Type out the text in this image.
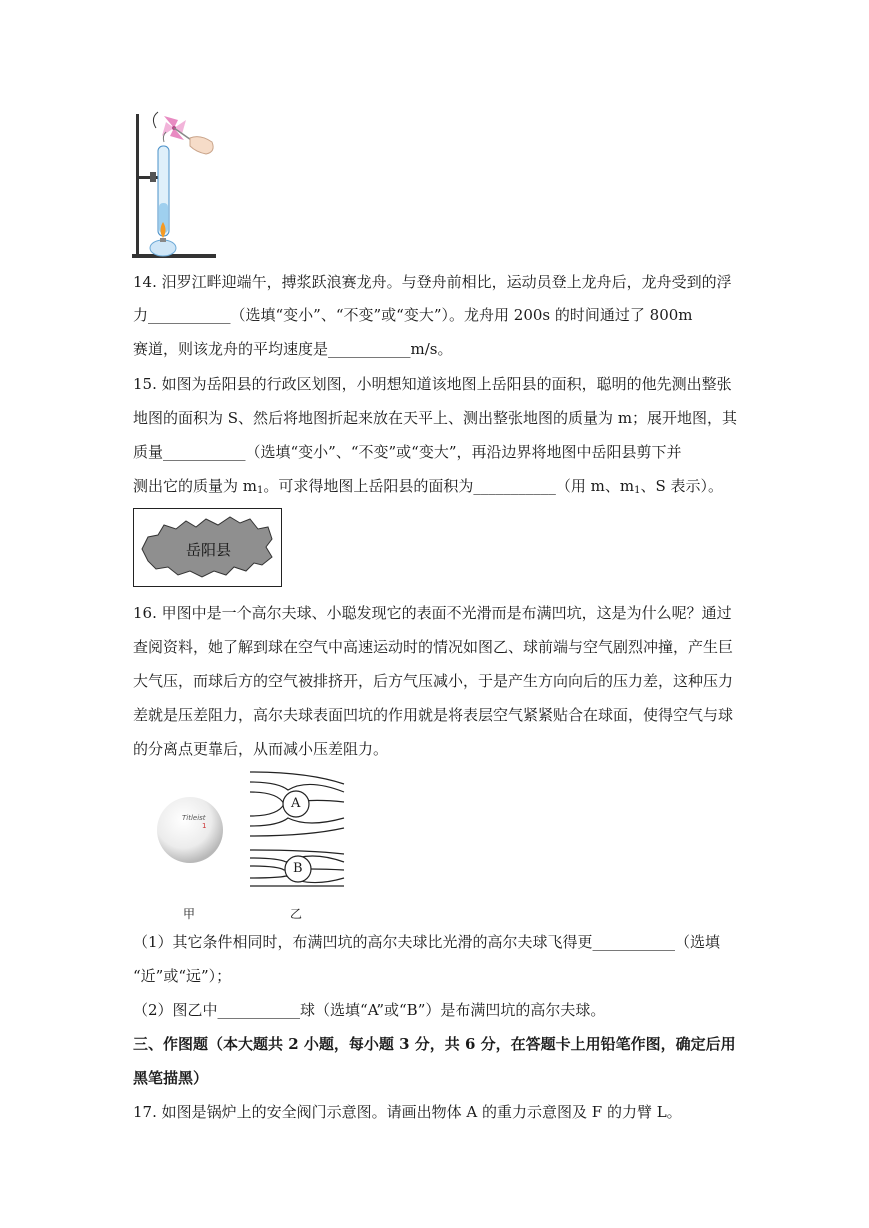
14. 汨罗江畔迎端午，搏浆跃浪赛龙舟。与登舟前相比，运动员登上龙舟后，龙舟受到的浮
力___________（选填“变小”、“不变”或“变大”）。龙舟用 200s 的时间通过了 800m
赛道，则该龙舟的平均速度是___________m/s。
15. 如图为岳阳县的行政区划图，小明想知道该地图上岳阳县的面积，聪明的他先测出整张
地图的面积为 S、然后将地图折起来放在天平上、测出整张地图的质量为 m；展开地图，其
质量___________（选填“变小”、“不变”或“变大”，再沿边界将地图中岳阳县剪下并
测出它的质量为 $m_1$。可求得地图上岳阳县的面积为___________（用 m、$m_1$、S 表示）。
岳阳县
16. 甲图中是一个高尔夫球、小聪发现它的表面不光滑而是布满凹坑，这是为什么呢？通过
查阅资料，她了解到球在空气中高速运动时的情况如图乙、球前端与空气剧烈冲撞，产生巨
大气压，而球后方的空气被排挤开，后方气压减小，于是产生方向向后的压力差，这种压力
差就是压差阻力，高尔夫球表面凹坑的作用就是将表层空气紧紧贴合在球面，使得空气与球
的分离点更靠后，从而减小压差阻力。
Titleist
1
A
B
甲	乙
（1）其它条件相同时，布满凹坑的高尔夫球比光滑的高尔夫球飞得更___________（选填
“近”或“远”）；
（2）图乙中___________球（选填“A”或“B”）是布满凹坑的高尔夫球。
三、作图题（本大题共 2 小题，每小题 3 分，共 6 分，在答题卡上用铅笔作图，确定后用
黑笔描黑）
17. 如图是锅炉上的安全阀门示意图。请画出物体 A 的重力示意图及 F 的力臂 L。
